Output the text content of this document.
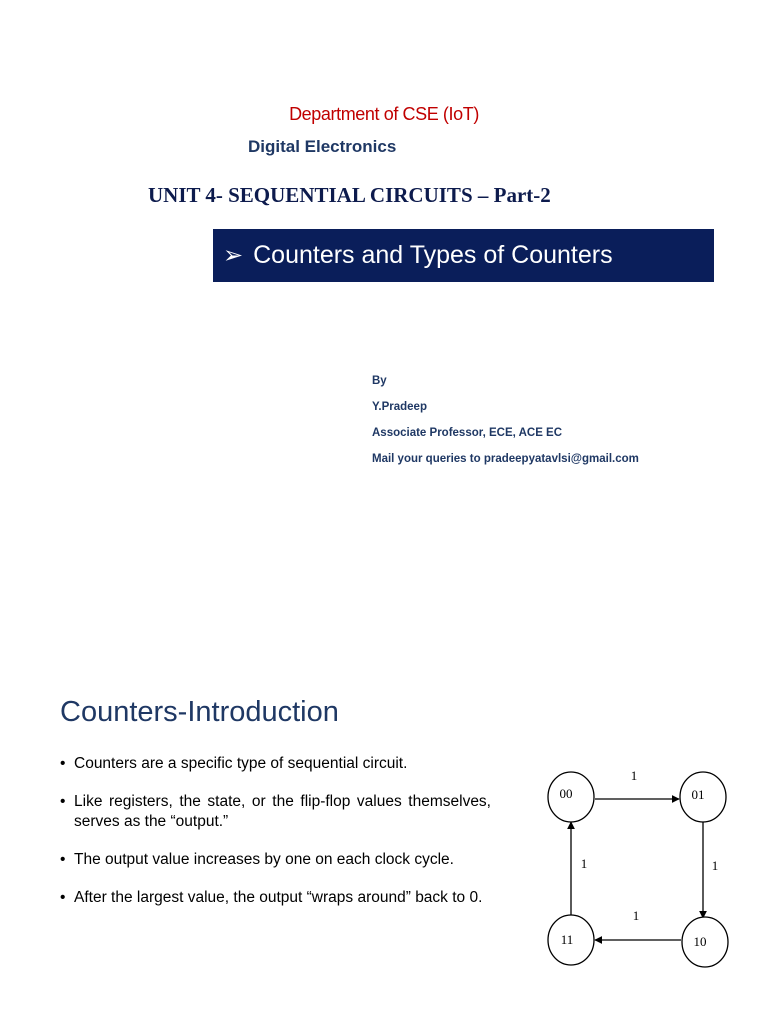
Department of CSE (IoT)
Digital Electronics
UNIT 4- SEQUENTIAL CIRCUITS – Part-2
➢ Counters and Types of Counters
By
Y.Pradeep
Associate Professor, ECE, ACE EC
Mail your queries to pradeepyatavlsi@gmail.com
Counters-Introduction
• Counters are a specific type of sequential circuit.
• Like registers, the state, or the flip-flop values themselves, serves as the “output.”
• The output value increases by one on each clock cycle.
• After the largest value, the output “wraps around” back to 0.
1
1
1
1
00	01
10
11
